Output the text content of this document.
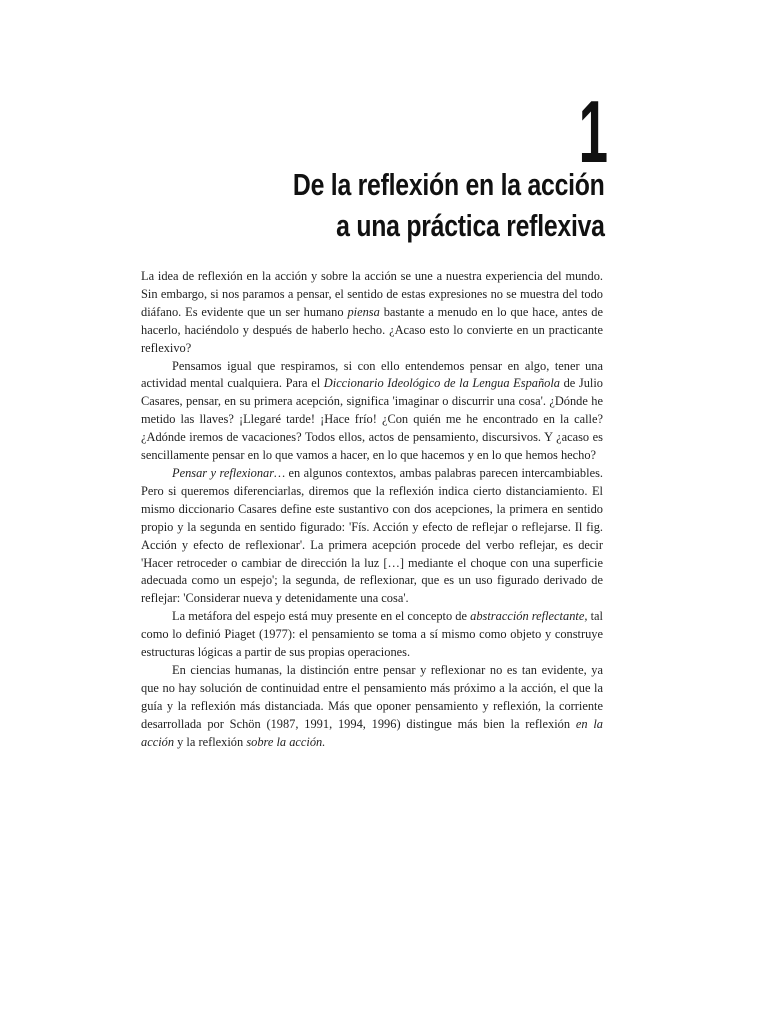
1
De la reflexión en la acción
a una práctica reflexiva

La idea de reflexión en la acción y sobre la acción se une a nuestra experiencia del mundo. Sin embargo, si nos paramos a pensar, el sentido de estas expresiones no se muestra del todo diáfano. Es evidente que un ser humano piensa bastante a menudo en lo que hace, antes de hacerlo, haciéndolo y después de haberlo hecho. ¿Acaso esto lo convierte en un practicante reflexivo?

Pensamos igual que respiramos, si con ello entendemos pensar en algo, tener una actividad mental cualquiera. Para el Diccionario Ideológico de la Lengua Española de Julio Casares, pensar, en su primera acepción, significa 'imaginar o discurrir una cosa'. ¿Dónde he metido las llaves? ¡Llegaré tarde! ¡Hace frío! ¿Con quién me he encontrado en la calle? ¿Adónde iremos de vacaciones? Todos ellos, actos de pensamiento, discursivos. Y ¿acaso es sencillamente pensar en lo que vamos a hacer, en lo que hacemos y en lo que hemos hecho?

Pensar y reflexionar… en algunos contextos, ambas palabras parecen intercambiables. Pero si queremos diferenciarlas, diremos que la reflexión indica cierto distanciamiento. El mismo diccionario Casares define este sustantivo con dos acepciones, la primera en sentido propio y la segunda en sentido figurado: 'Fís. Acción y efecto de reflejar o reflejarse. Il fig. Acción y efecto de reflexionar'. La primera acepción procede del verbo reflejar, es decir 'Hacer retroceder o cambiar de dirección la luz […] mediante el choque con una superficie adecuada como un espejo'; la segunda, de reflexionar, que es un uso figurado derivado de reflejar: 'Considerar nueva y detenidamente una cosa'.

La metáfora del espejo está muy presente en el concepto de abstracción reflectante, tal como lo definió Piaget (1977): el pensamiento se toma a sí mismo como objeto y construye estructuras lógicas a partir de sus propias operaciones.

En ciencias humanas, la distinción entre pensar y reflexionar no es tan evidente, ya que no hay solución de continuidad entre el pensamiento más próximo a la acción, el que la guía y la reflexión más distanciada. Más que oponer pensamiento y reflexión, la corriente desarrollada por Schön (1987, 1991, 1994, 1996) distingue más bien la reflexión en la acción y la reflexión sobre la acción.
